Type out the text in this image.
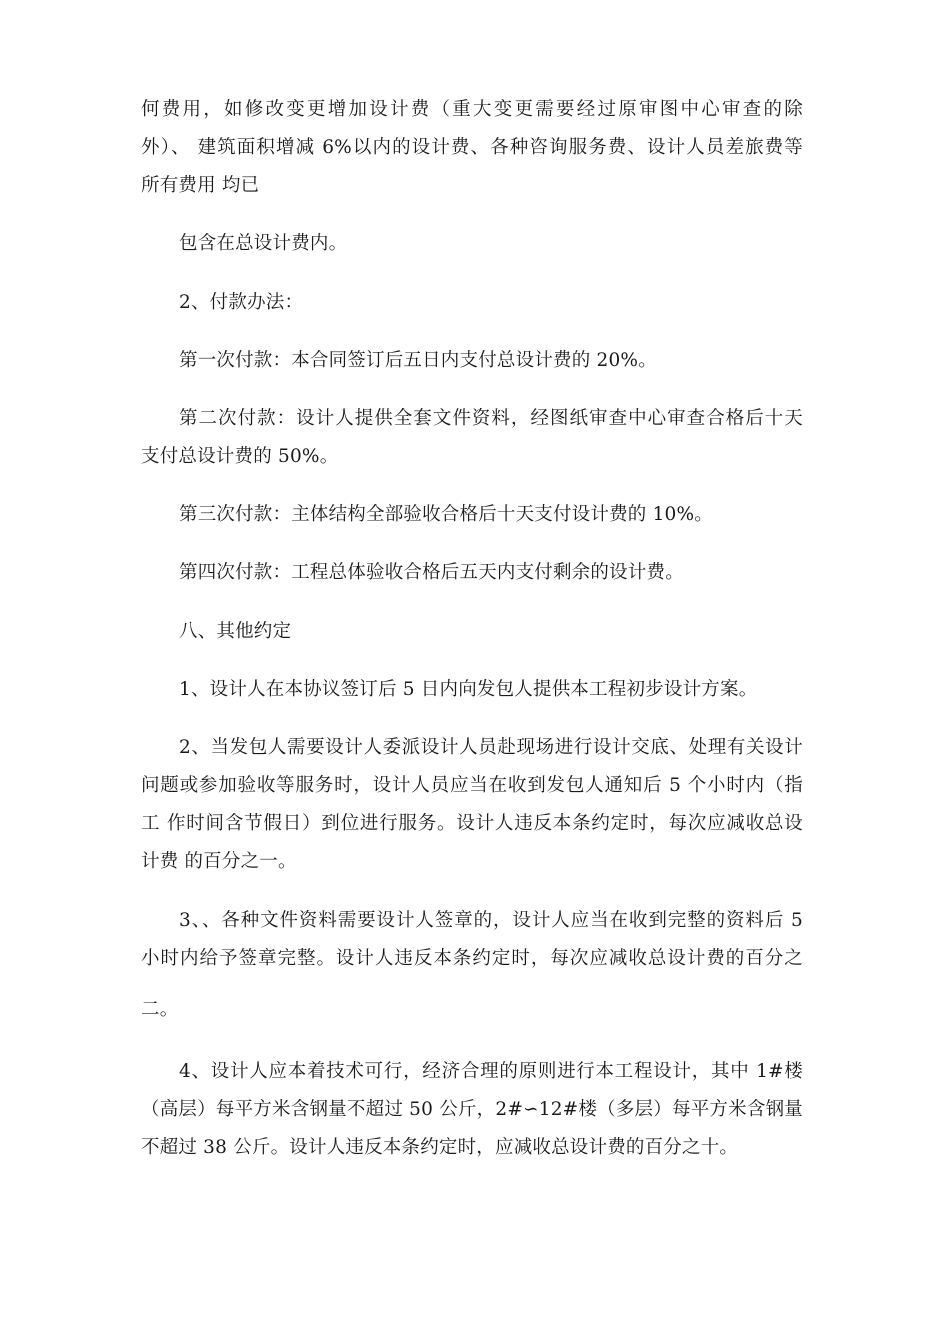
何费用，如修改变更增加设计费（重大变更需要经过原审图中心审查的除
外）、 建筑面积增减 6%以内的设计费、各种咨询服务费、设计人员差旅费等
所有费用 均已
包含在总设计费内。
2、付款办法：
第一次付款：本合同签订后五日内支付总设计费的 20%。
第二次付款：设计人提供全套文件资料，经图纸审查中心审查合格后十天
支付总设计费的 50%。
第三次付款：主体结构全部验收合格后十天支付设计费的 10%。
第四次付款：工程总体验收合格后五天内支付剩余的设计费。
八、其他约定
1、设计人在本协议签订后 5 日内向发包人提供本工程初步设计方案。
2、当发包人需要设计人委派设计人员赴现场进行设计交底、处理有关设计
问题或参加验收等服务时，设计人员应当在收到发包人通知后 5 个小时内（指
工 作时间含节假日）到位进行服务。设计人违反本条约定时，每次应减收总设
计费 的百分之一。
3、、各种文件资料需要设计人签章的，设计人应当在收到完整的资料后 5
小时内给予签章完整。设计人违反本条约定时，每次应减收总设计费的百分之
二。
4、设计人应本着技术可行，经济合理的原则进行本工程设计，其中 1#楼
（高层）每平方米含钢量不超过 50 公斤，2#∽12#楼（多层）每平方米含钢量
不超过 38 公斤。设计人违反本条约定时，应减收总设计费的百分之十。
